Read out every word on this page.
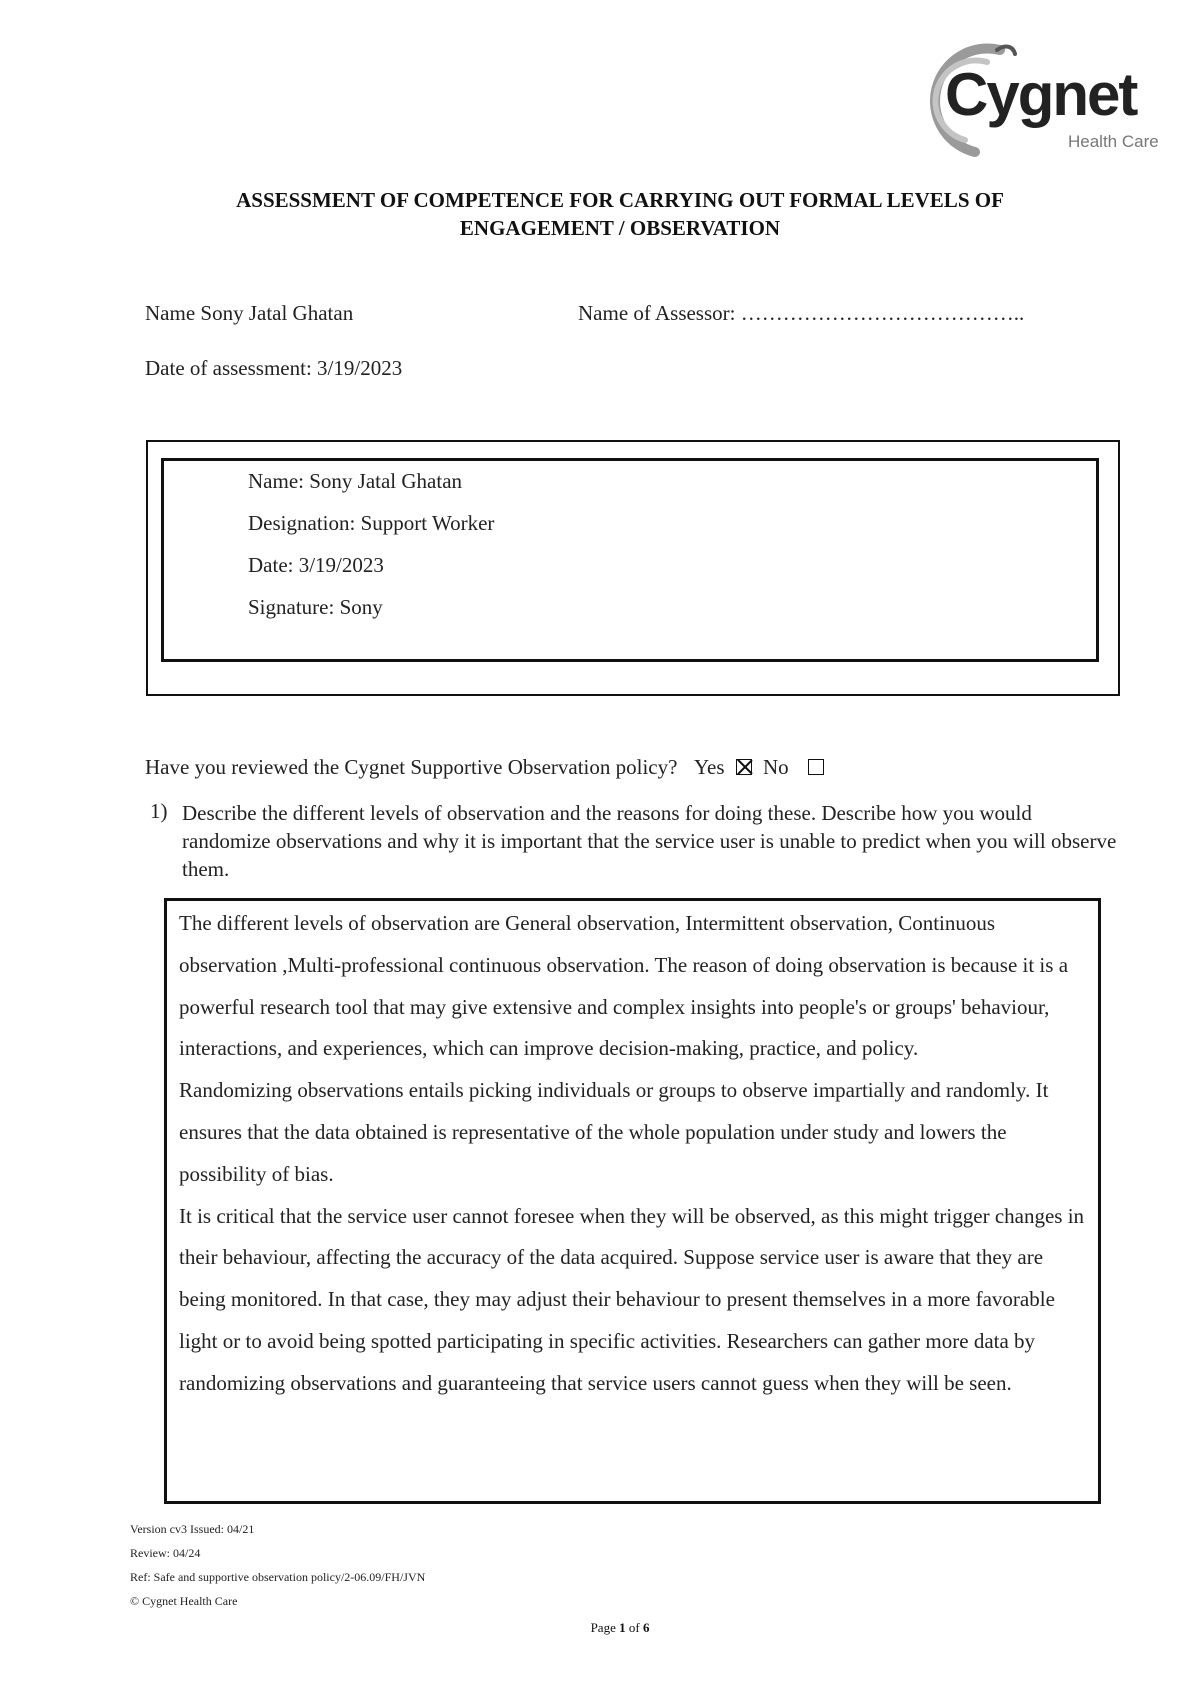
Cygnet
Health Care
ASSESSMENT OF COMPETENCE FOR CARRYING OUT FORMAL LEVELS OF
ENGAGEMENT / OBSERVATION
Name Sony Jatal Ghatan	Name of Assessor: …………………………………..
Date of assessment: 3/19/2023
Name: Sony Jatal Ghatan
Designation: Support Worker
Date: 3/19/2023
Signature: Sony
Have you reviewed the Cygnet Supportive Observation policy? Yes No
1) Describe the different levels of observation and the reasons for doing these. Describe how you would randomize observations and why it is important that the service user is unable to predict when you will observe them.

The different levels of observation are General observation, Intermittent observation, Continuous observation ,Multi-professional continuous observation. The reason of doing observation is because it is a powerful research tool that may give extensive and complex insights into people's or groups' behaviour, interactions, and experiences, which can improve decision-making, practice, and policy.

Randomizing observations entails picking individuals or groups to observe impartially and randomly. It ensures that the data obtained is representative of the whole population under study and lowers the possibility of bias.

It is critical that the service user cannot foresee when they will be observed, as this might trigger changes in their behaviour, affecting the accuracy of the data acquired. Suppose service user is aware that they are being monitored. In that case, they may adjust their behaviour to present themselves in a more favorable light or to avoid being spotted participating in specific activities. Researchers can gather more data by randomizing observations and guaranteeing that service users cannot guess when they will be seen.

Version cv3 Issued: 04/21
Review: 04/24
Ref: Safe and supportive observation policy/2-06.09/FH/JVN
© Cygnet Health Care
Page 1 of 6
